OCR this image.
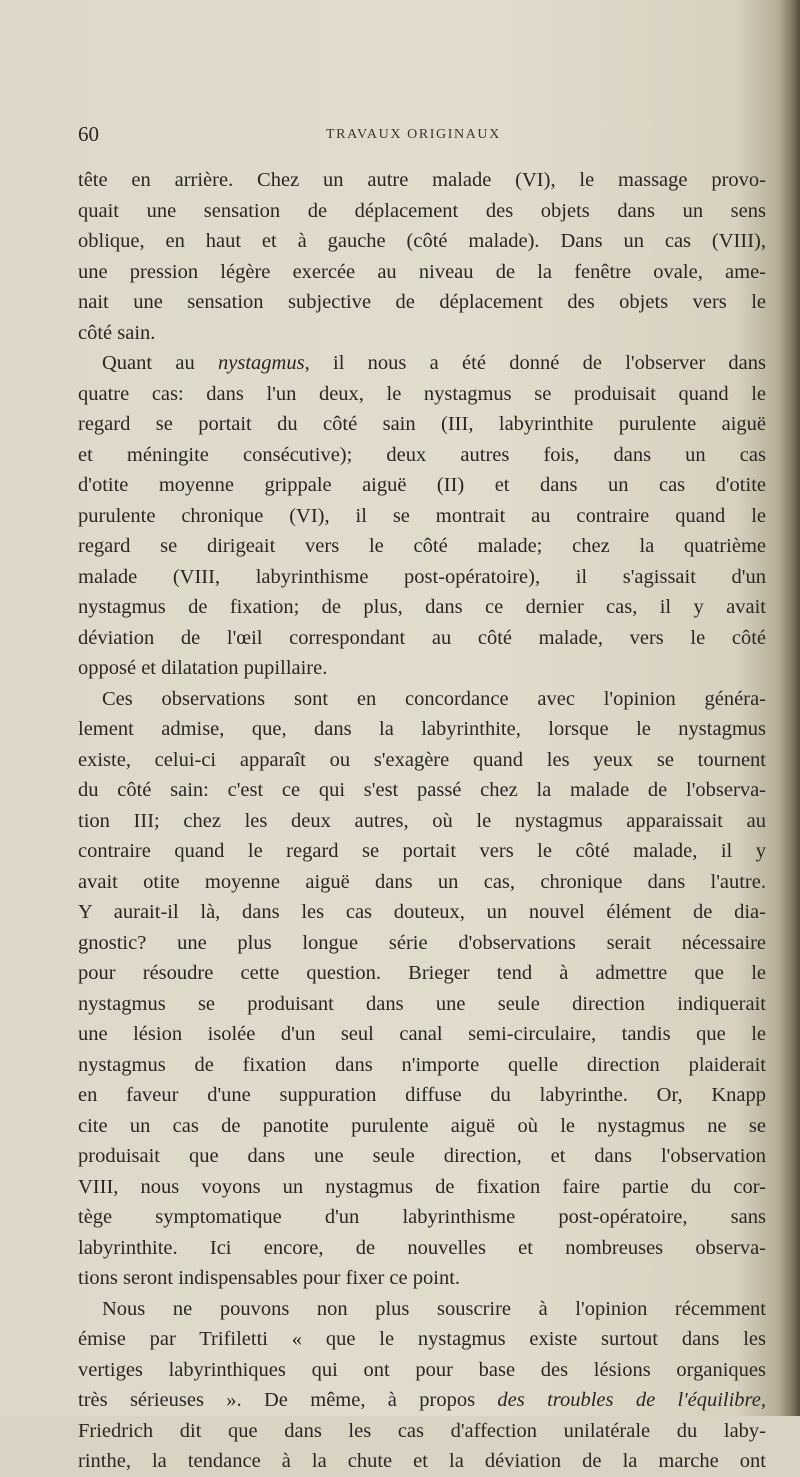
60	TRAVAUX ORIGINAUX
tête en arrière. Chez un autre malade (VI), le massage provo-
quait une sensation de déplacement des objets dans un sens
oblique, en haut et à gauche (côté malade). Dans un cas (VIII),
une pression légère exercée au niveau de la fenêtre ovale, ame-
nait une sensation subjective de déplacement des objets vers le
côté sain.
Quant au nystagmus, il nous a été donné de l'observer dans
quatre cas: dans l'un deux, le nystagmus se produisait quand le
regard se portait du côté sain (III, labyrinthite purulente aiguë
et méningite consécutive); deux autres fois, dans un cas
d'otite moyenne grippale aiguë (II) et dans un cas d'otite
purulente chronique (VI), il se montrait au contraire quand le
regard se dirigeait vers le côté malade; chez la quatrième
malade (VIII, labyrinthisme post-opératoire), il s'agissait d'un
nystagmus de fixation; de plus, dans ce dernier cas, il y avait
déviation de l'œil correspondant au côté malade, vers le côté
opposé et dilatation pupillaire.
Ces observations sont en concordance avec l'opinion généra-
lement admise, que, dans la labyrinthite, lorsque le nystagmus
existe, celui-ci apparaît ou s'exagère quand les yeux se tournent
du côté sain: c'est ce qui s'est passé chez la malade de l'observa-
tion III; chez les deux autres, où le nystagmus apparaissait au
contraire quand le regard se portait vers le côté malade, il y
avait otite moyenne aiguë dans un cas, chronique dans l'autre.
Y aurait-il là, dans les cas douteux, un nouvel élément de dia-
gnostic? une plus longue série d'observations serait nécessaire
pour résoudre cette question. Brieger tend à admettre que le
nystagmus se produisant dans une seule direction indiquerait
une lésion isolée d'un seul canal semi-circulaire, tandis que le
nystagmus de fixation dans n'importe quelle direction plaiderait
en faveur d'une suppuration diffuse du labyrinthe. Or, Knapp
cite un cas de panotite purulente aiguë où le nystagmus ne se
produisait que dans une seule direction, et dans l'observation
VIII, nous voyons un nystagmus de fixation faire partie du cor-
tège symptomatique d'un labyrinthisme post-opératoire, sans
labyrinthite. Ici encore, de nouvelles et nombreuses observa-
tions seront indispensables pour fixer ce point.
Nous ne pouvons non plus souscrire à l'opinion récemment
émise par Trifiletti « que le nystagmus existe surtout dans les
vertiges labyrinthiques qui ont pour base des lésions organiques
très sérieuses ». De même, à propos des troubles de l'équilibre,
Friedrich dit que dans les cas d'affection unilatérale du laby-
rinthe, la tendance à la chute et la déviation de la marche ont
